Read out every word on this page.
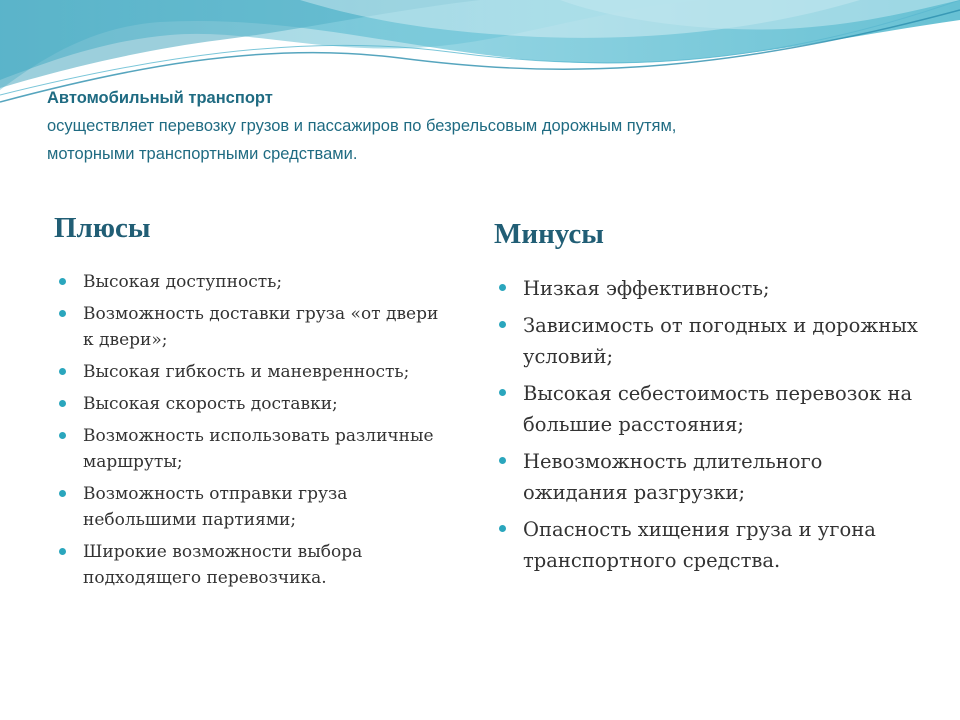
Автомобильный транспорт
осуществляет перевозку грузов и пассажиров по безрельсовым дорожным путям,
моторными транспортными средствами.
Плюсы
Высокая доступность;
Возможность доставки груза «от двери к двери»;
Высокая гибкость и маневренность;
Высокая скорость доставки;
Возможность использовать различные маршруты;
Возможность отправки груза небольшими партиями;
Широкие возможности выбора подходящего перевозчика.
Минусы
Низкая эффективность;
Зависимость от погодных и дорожных условий;
Высокая себестоимость перевозок на большие расстояния;
Невозможность длительного ожидания разгрузки;
Опасность хищения груза и угона транспортного средства.
